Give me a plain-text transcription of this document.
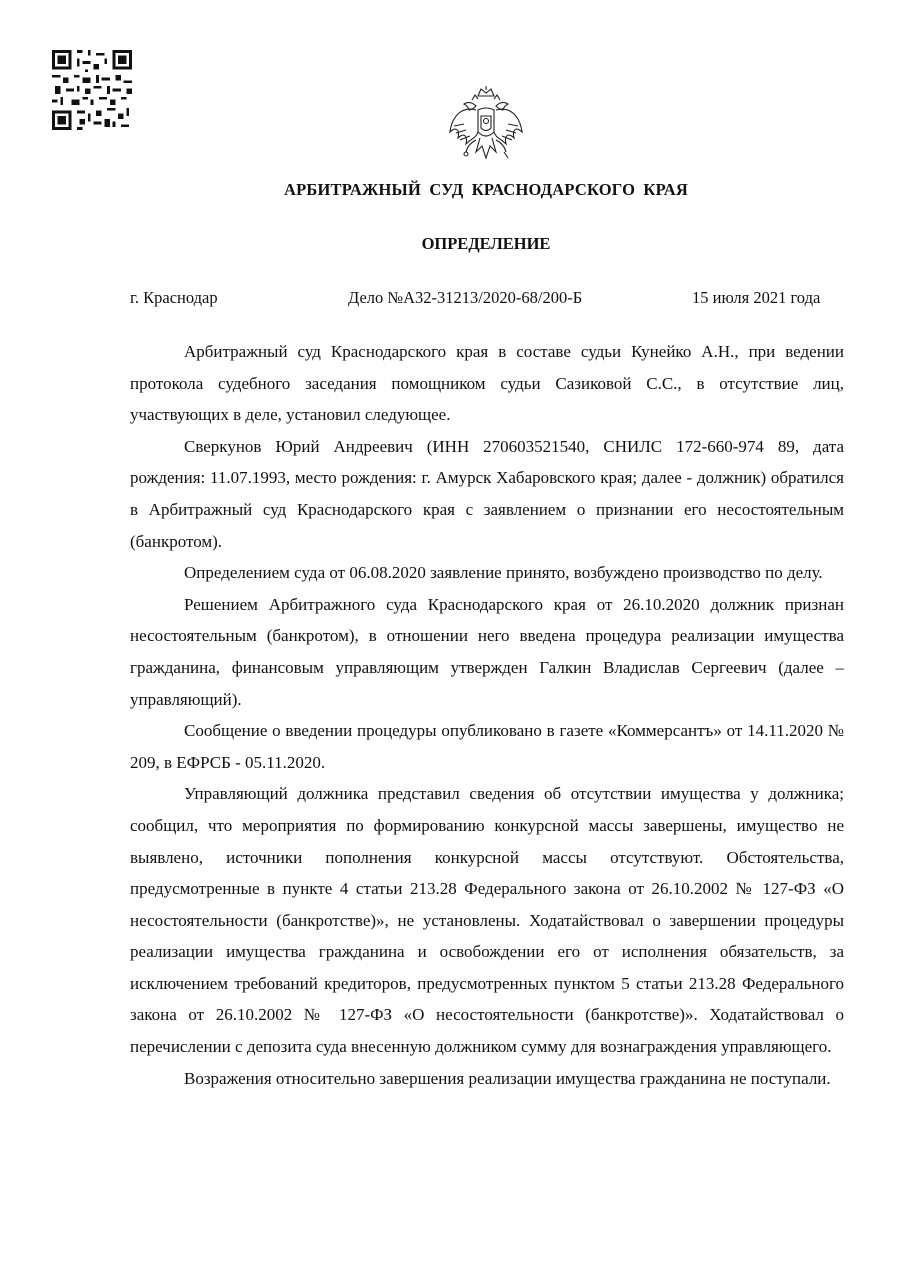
АРБИТРАЖНЫЙ СУД КРАСНОДАРСКОГО КРАЯ
ОПРЕДЕЛЕНИЕ
г. Краснодар	Дело №А32-31213/2020-68/200-Б	15 июля 2021 года

Арбитражный суд Краснодарского края в составе судьи Кунейко А.Н., при ведении протокола судебного заседания помощником судьи Сазиковой С.С., в отсутствие лиц, участвующих в деле, установил следующее.

Сверкунов Юрий Андреевич (ИНН 270603521540, СНИЛС 172-660-974 89, дата рождения: 11.07.1993, место рождения: г. Амурск Хабаровского края; далее - должник) обратился в Арбитражный суд Краснодарского края с заявлением о признании его несостоятельным (банкротом).

Определением суда от 06.08.2020 заявление принято, возбуждено производство по делу.

Решением Арбитражного суда Краснодарского края от 26.10.2020 должник признан несостоятельным (банкротом), в отношении него введена процедура реализации имущества гражданина, финансовым управляющим утвержден Галкин Владислав Сергеевич (далее – управляющий).

Сообщение о введении процедуры опубликовано в газете «Коммерсантъ» от 14.11.2020 № 209, в ЕФРСБ - 05.11.2020.

Управляющий должника представил сведения об отсутствии имущества у должника; сообщил, что мероприятия по формированию конкурсной массы завершены, имущество не выявлено, источники пополнения конкурсной массы отсутствуют. Обстоятельства, предусмотренные в пункте 4 статьи 213.28 Федерального закона от 26.10.2002 № 127-ФЗ «О несостоятельности (банкротстве)», не установлены. Ходатайствовал о завершении процедуры реализации имущества гражданина и освобождении его от исполнения обязательств, за исключением требований кредиторов, предусмотренных пунктом 5 статьи 213.28 Федерального закона от 26.10.2002 № 127-ФЗ «О несостоятельности (банкротстве)». Ходатайствовал о перечислении с депозита суда внесенную должником сумму для вознаграждения управляющего.

Возражения относительно завершения реализации имущества гражданина не поступали.
